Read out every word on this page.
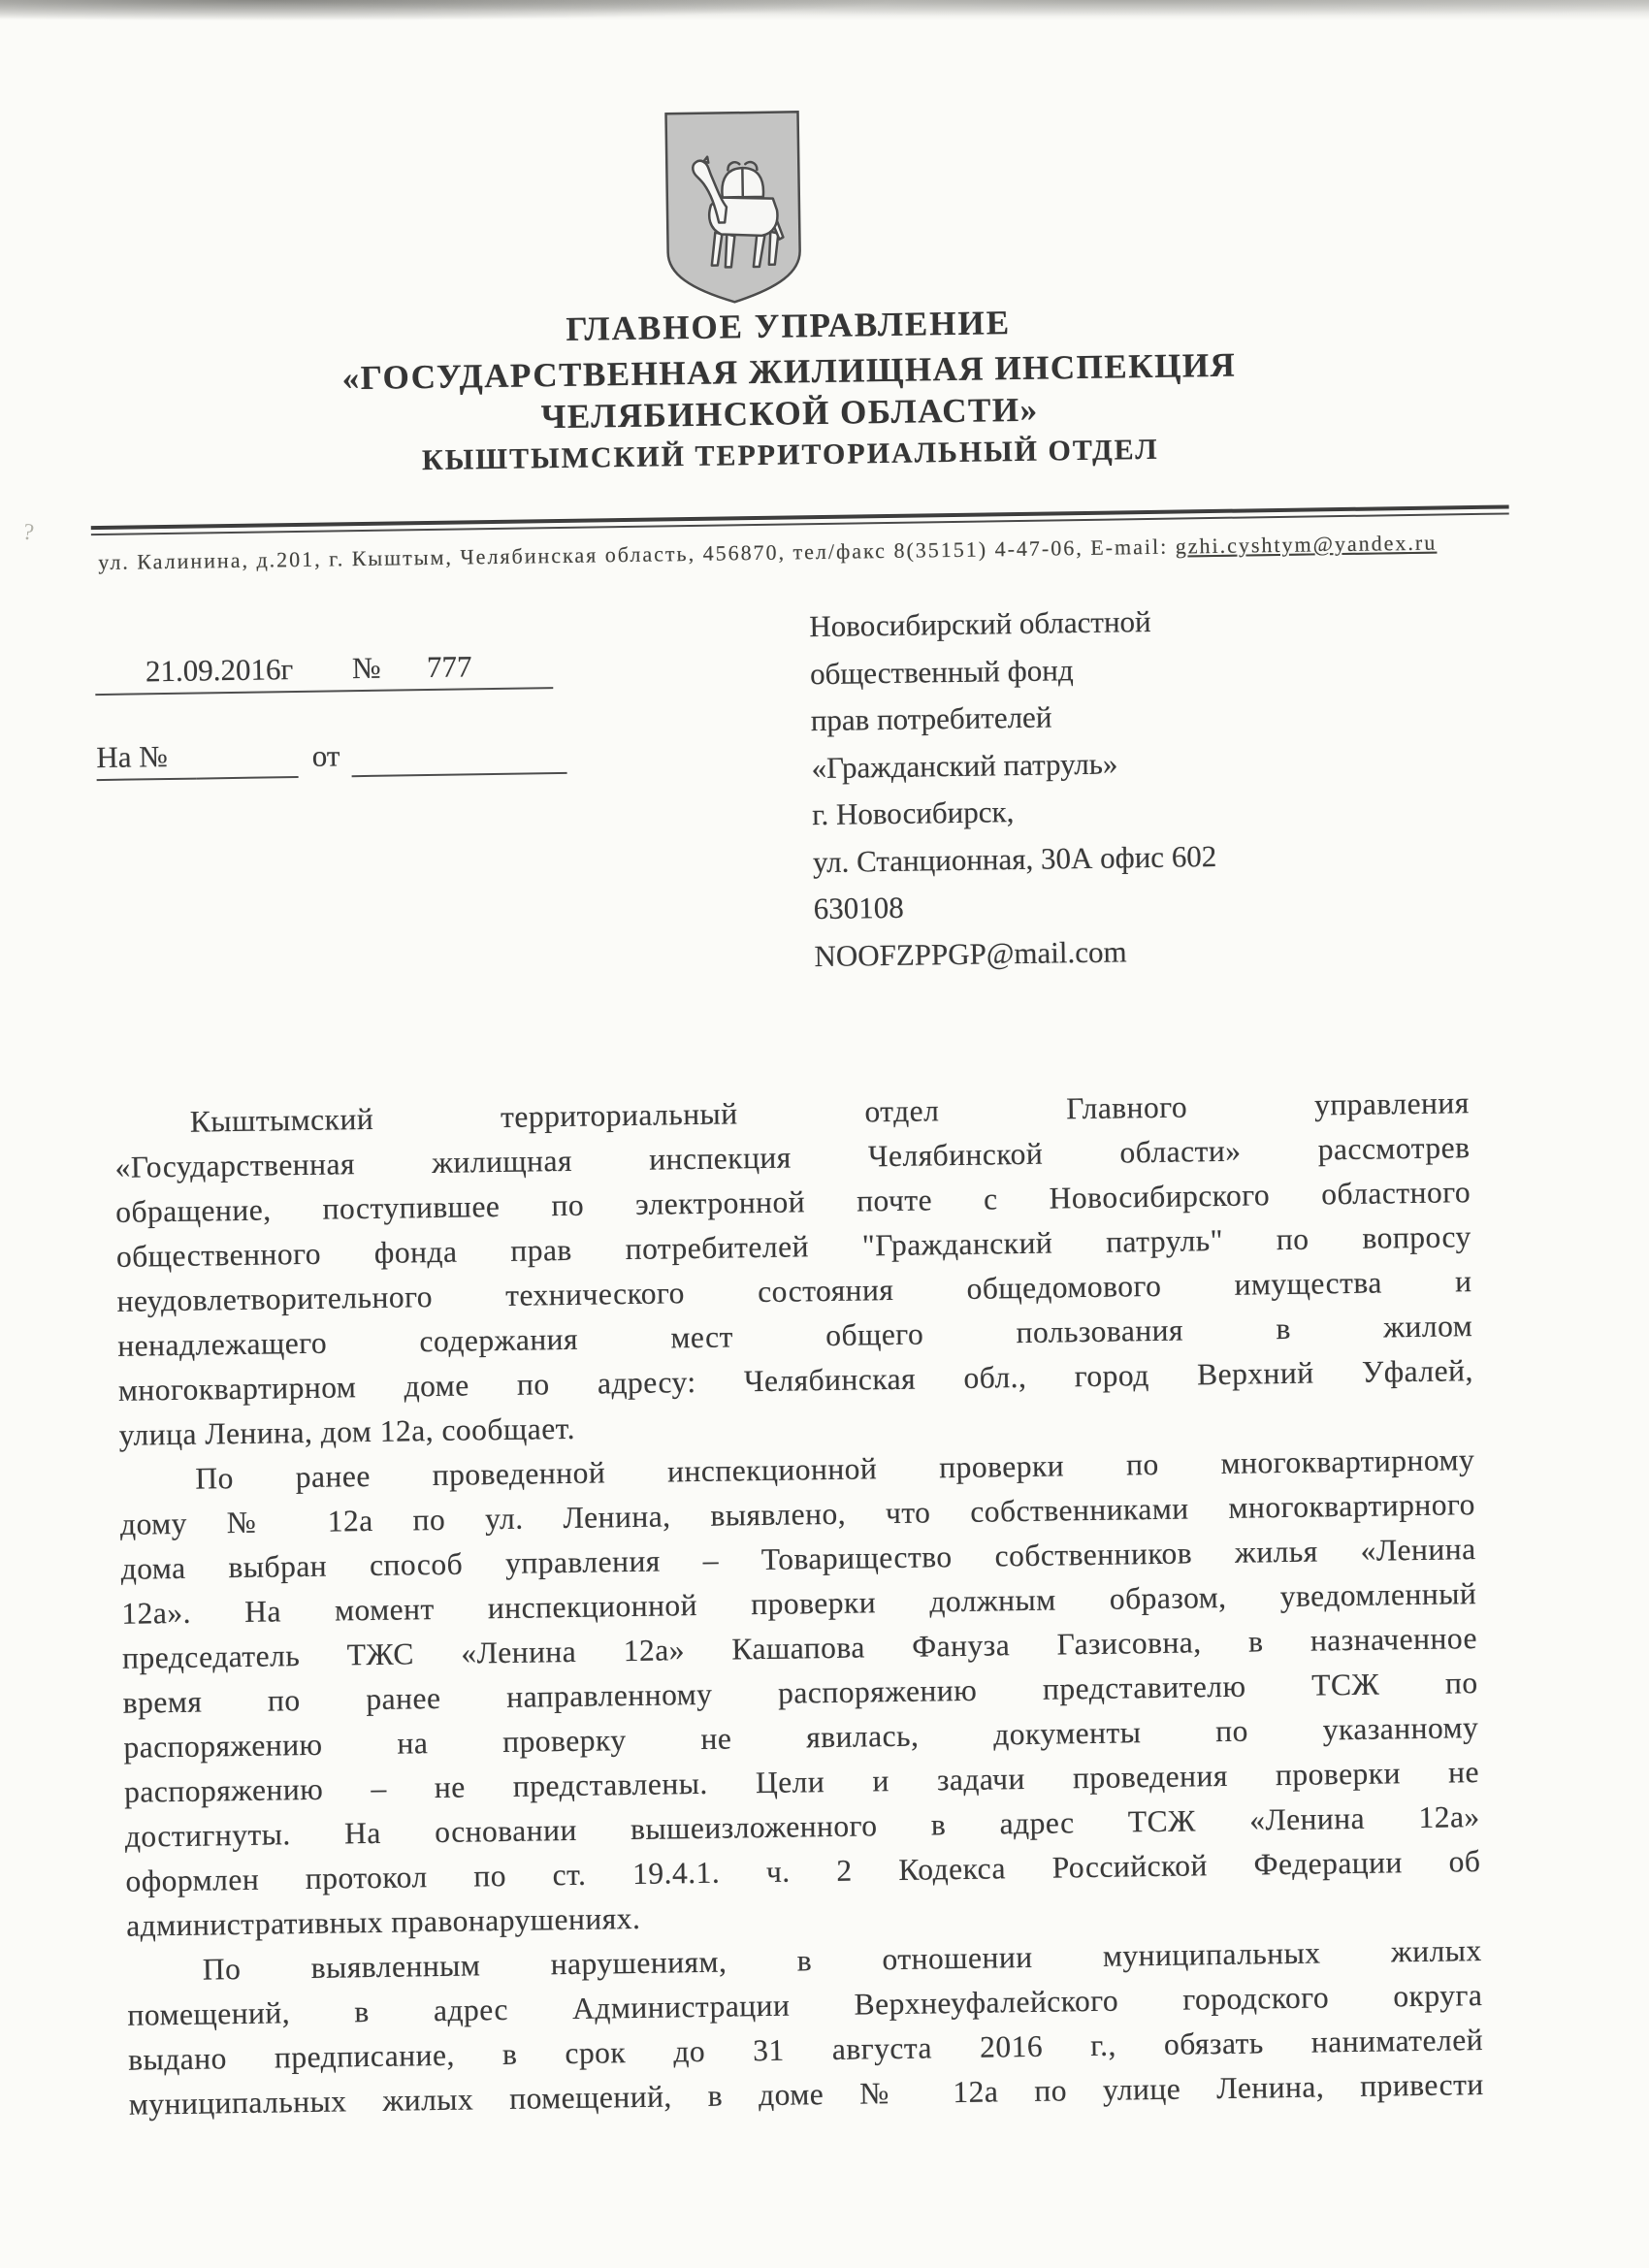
?
ГЛАВНОЕ УПРАВЛЕНИЕ
«ГОСУДАРСТВЕННАЯ ЖИЛИЩНАЯ ИНСПЕКЦИЯ
ЧЕЛЯБИНСКОЙ ОБЛАСТИ»
КЫШТЫМСКИЙ ТЕРРИТОРИАЛЬНЫЙ ОТДЕЛ
ул. Калинина, д.201, г. Кыштым, Челябинская область, 456870, тел/факс 8(35151) 4-47-06, E-mail: gzhi.cyshtym@yandex.ru
21.09.2016г № 777
На №	от
Новосибирский областной
общественный фонд
прав потребителей
«Гражданский патруль»
г. Новосибирск,
ул. Станционная, 30А офис 602
630108
NOOFZPPGP@mail.com
Кыштымский территориальный отдел Главного управления
«Государственная жилищная инспекция Челябинской области» рассмотрев
обращение, поступившее по электронной почте с Новосибирского областного
общественного фонда прав потребителей "Гражданский патруль" по вопросу
неудовлетворительного технического состояния общедомового имущества и
ненадлежащего содержания мест общего пользования в жилом
многоквартирном доме по адресу: Челябинская обл., город Верхний Уфалей,
улица Ленина, дом 12а, сообщает.
По ранее проведенной инспекционной проверки по многоквартирному
дому № 12а по ул. Ленина, выявлено, что собственниками многоквартирного
дома выбран способ управления – Товарищество собственников жилья «Ленина
12а». На момент инспекционной проверки должным образом, уведомленный
председатель ТЖС «Ленина 12а» Кашапова Фануза Газисовна, в назначенное
время по ранее направленному распоряжению представителю ТСЖ по
распоряжению на проверку не явилась, документы по указанному
распоряжению – не представлены. Цели и задачи проведения проверки не
достигнуты. На основании вышеизложенного в адрес ТСЖ «Ленина 12а»
оформлен протокол по ст. 19.4.1. ч. 2 Кодекса Российской Федерации об
административных правонарушениях.
По выявленным нарушениям, в отношении муниципальных жилых
помещений, в адрес Администрации Верхнеуфалейского городского округа
выдано предписание, в срок до 31 августа 2016 г., обязать нанимателей
муниципальных жилых помещений, в доме № 12а по улице Ленина, привести
